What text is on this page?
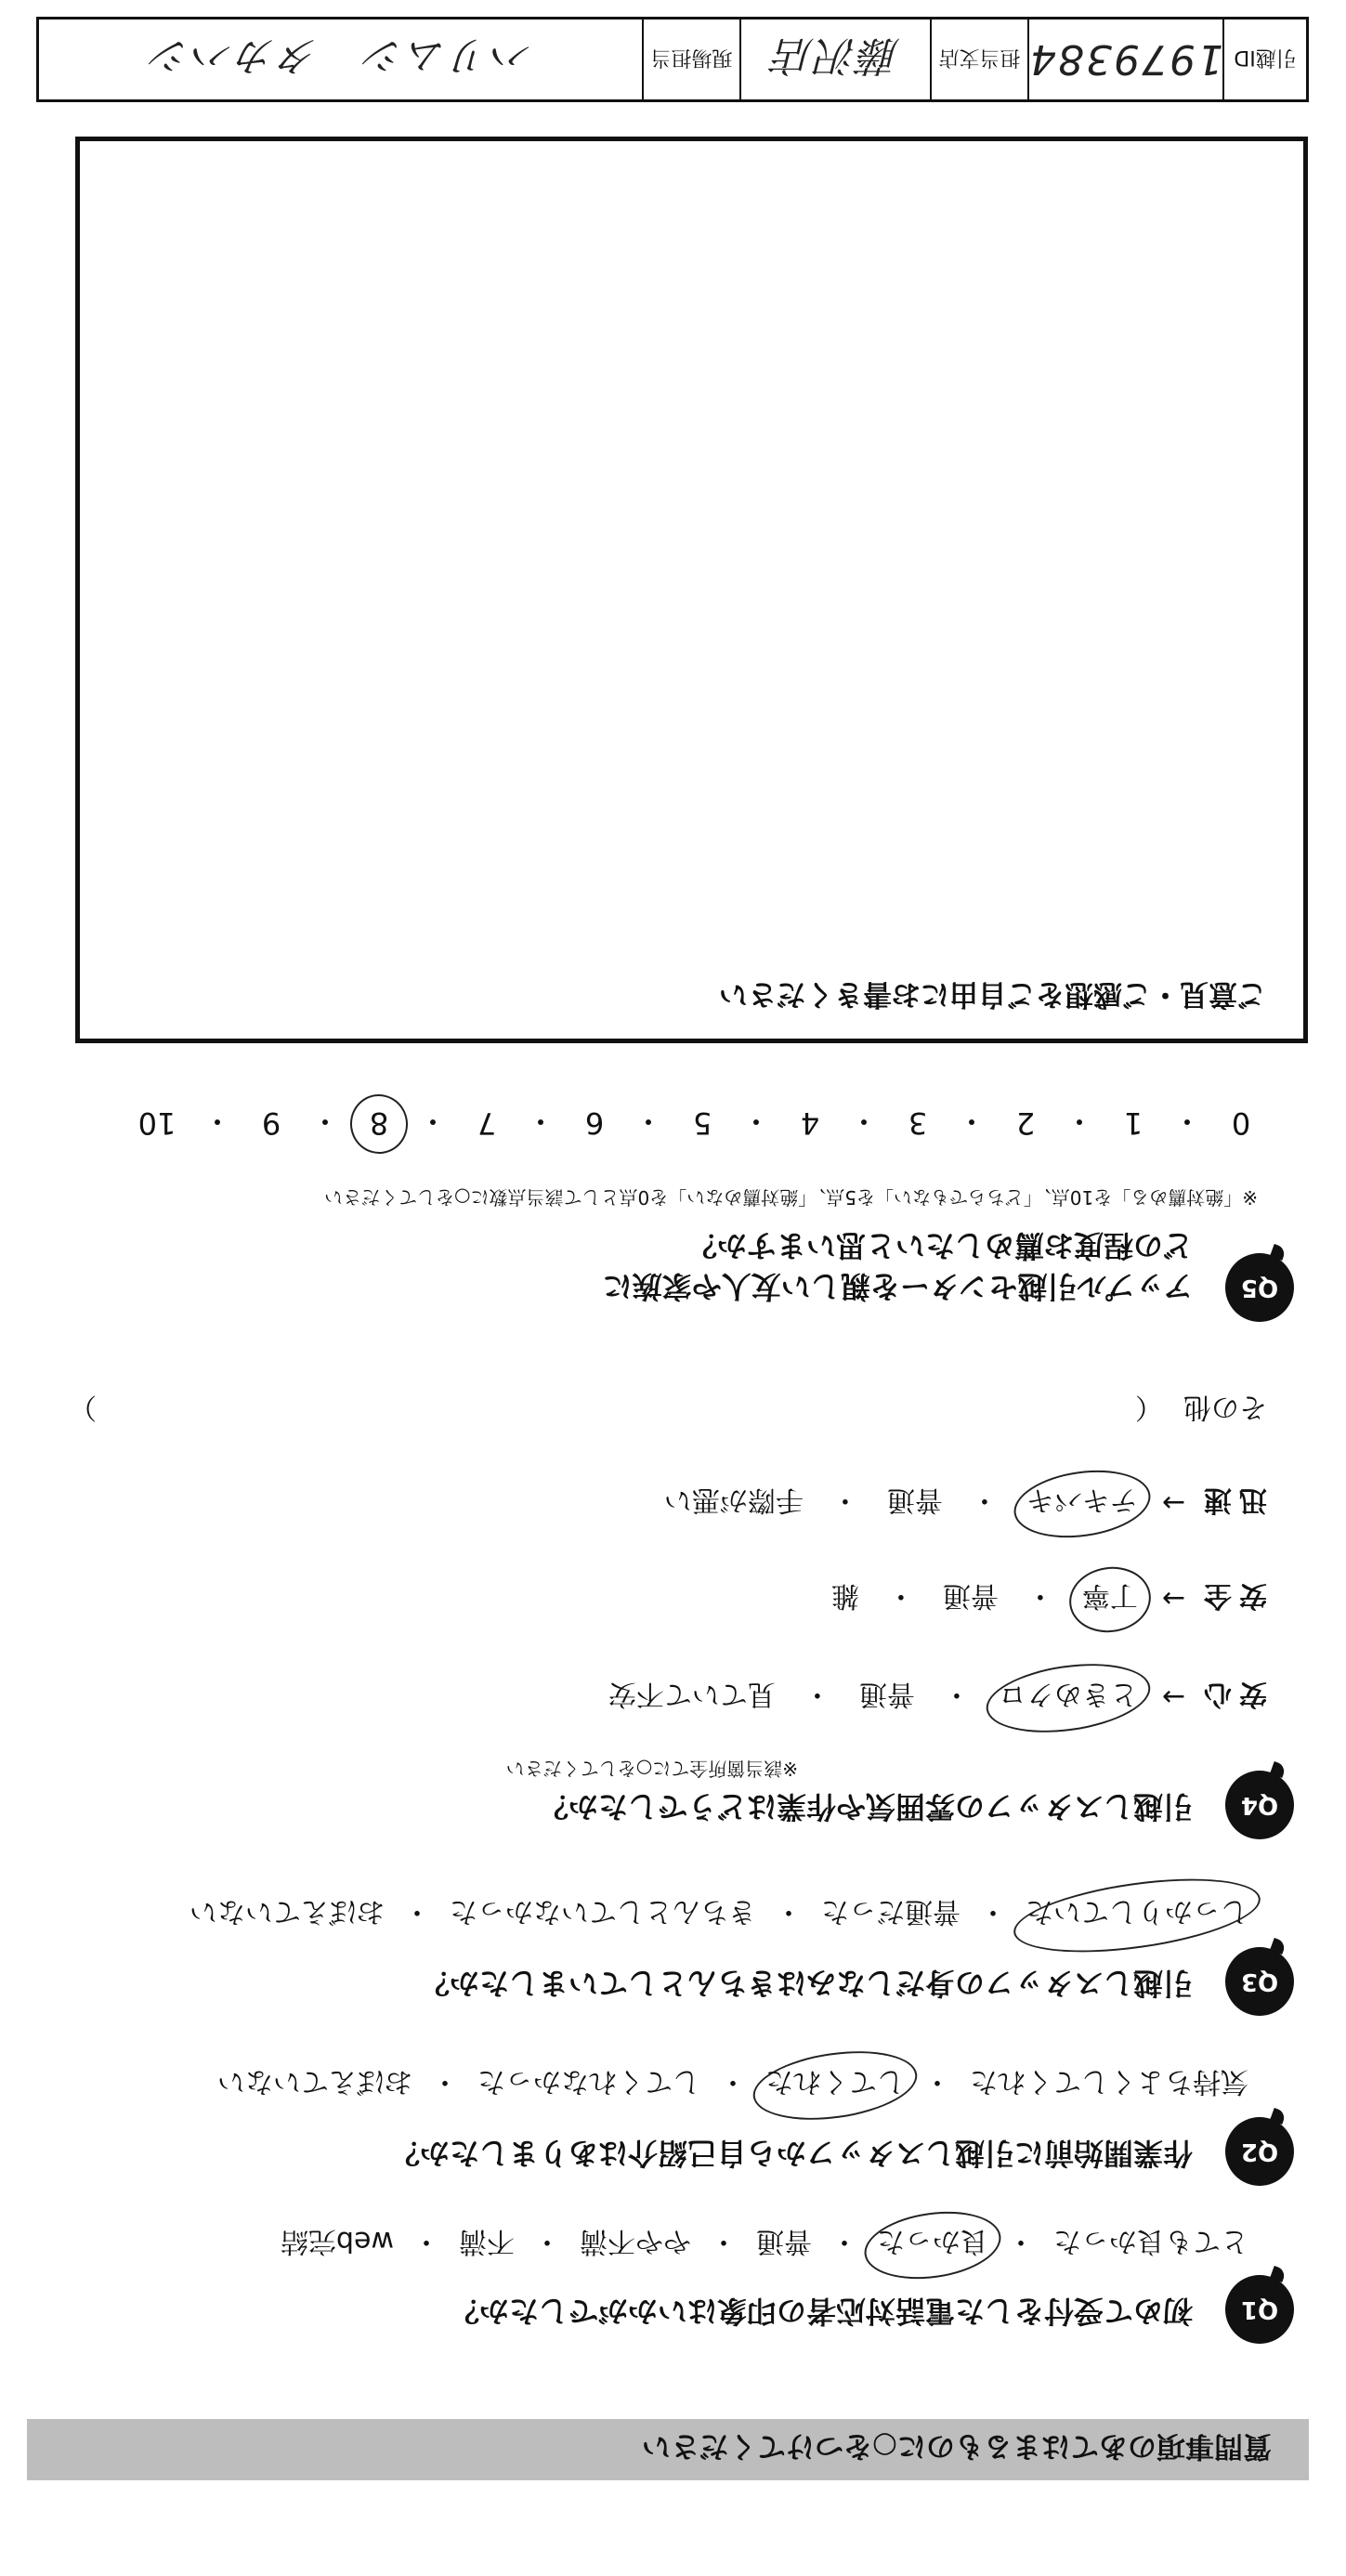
質問事項のあてはまるものに○をつけてください
Q1
初めて受付をした電話対応者の印象はいかがでしたか？
とても良かった
・
良かった
・
普通
・
やや不満
・
不満
・
web完結
Q2
作業開始前に引越しスタッフから自己紹介はありましたか？
気持ちよくしてくれた
・
してくれた
・
してくれなかった
・
おぼえていない
Q3
引越しスタッフの身だしなみはきちんとしていましたか？
しっかりしていた
・
普通だった
・
きちんとしていなかった
・
おぼえていない
Q4
引越しスタッフの雰囲気や作業はどうでしたか？
※該当箇所全てに○をしてください
安心
→
ときめクロ
・
普通
・
見ていて不安
安全
→
丁寧
・
普通
・
雑
迅速
→
テキパキ
・
普通
・
手際が悪い
その他
（
）
Q5
アップル引越センターを親しい友人や家族に
どの程度お薦めしたいと思いますか？
※「絶対薦める」を10点、「どちらでもない」を5点、「絶対薦めない」を0点として該当点数に○をしてください
0
・
1
・
2
・
3
・
4
・
5
・
6
・
7
・
8
・
9
・
10
ご意見・ご感想をご自由にお書きください
引越ID
1979384
担当支店
藤沢店
現場担当
ハリムシ　タカハシ
